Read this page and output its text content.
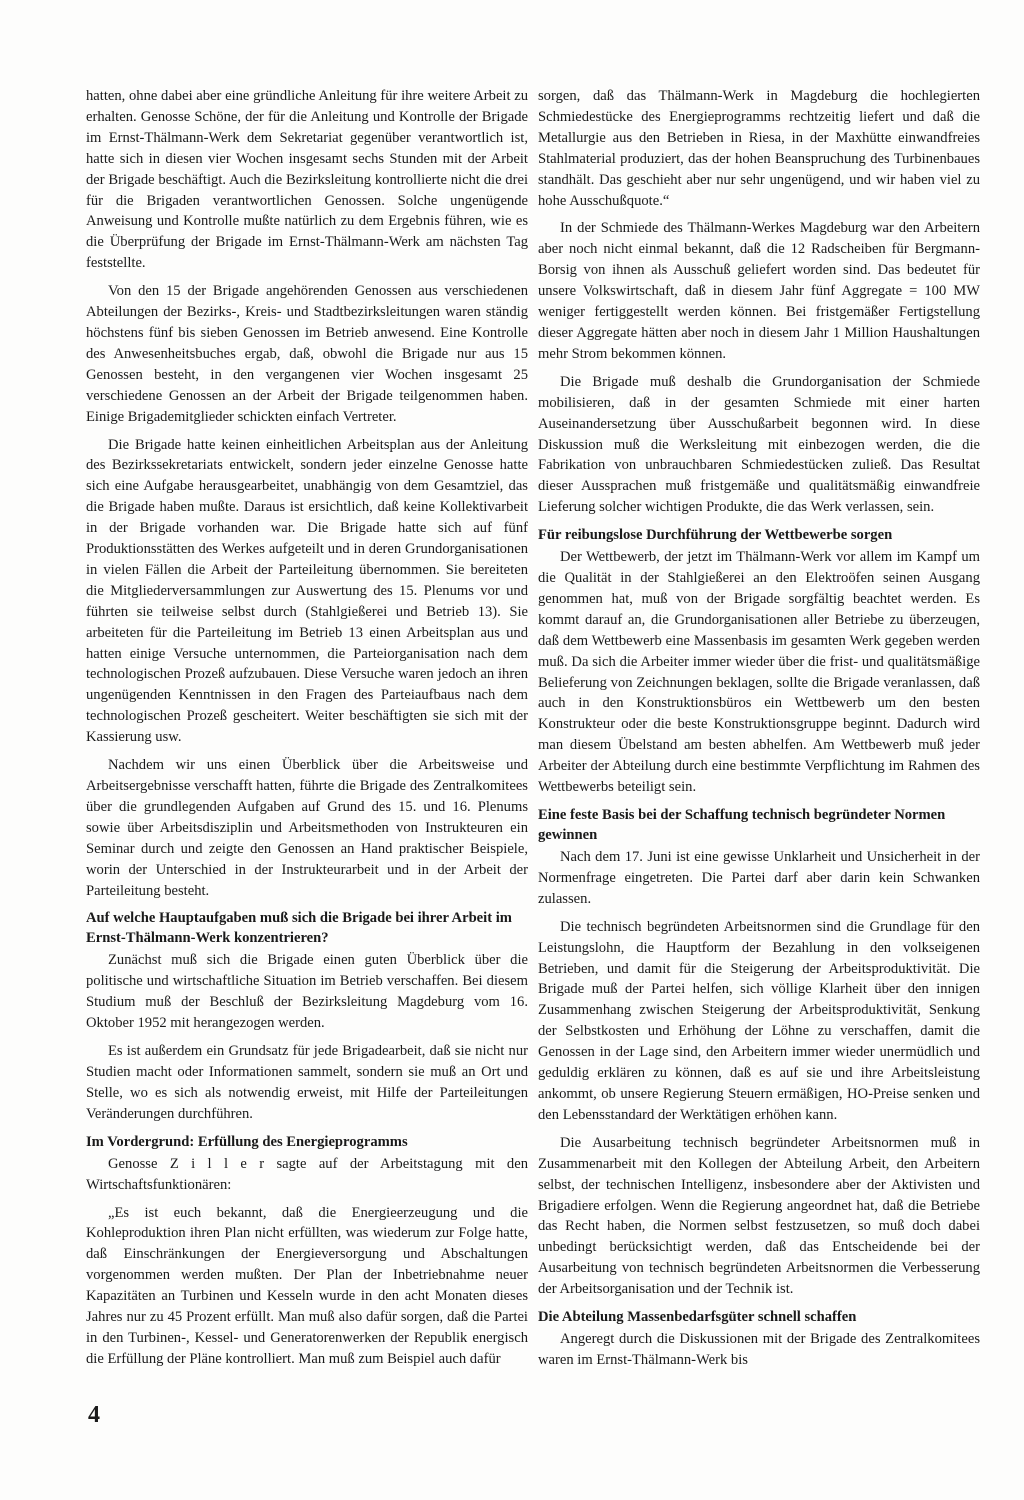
hatten, ohne dabei aber eine gründliche Anleitung für ihre weitere Arbeit zu erhalten. Genosse Schöne, der für die Anleitung und Kontrolle der Brigade im Ernst-Thälmann-Werk dem Sekretariat gegenüber verantwortlich ist, hatte sich in diesen vier Wochen insgesamt sechs Stunden mit der Arbeit der Brigade beschäftigt. Auch die Bezirksleitung kontrollierte nicht die drei für die Brigaden verantwortlichen Genossen. Solche ungenügende Anweisung und Kontrolle mußte natürlich zu dem Ergebnis führen, wie es die Überprüfung der Brigade im Ernst-Thälmann-Werk am nächsten Tag feststellte.

Von den 15 der Brigade angehörenden Genossen aus verschiedenen Abteilungen der Bezirks-, Kreis- und Stadtbezirksleitungen waren ständig höchstens fünf bis sieben Genossen im Betrieb anwesend. Eine Kontrolle des Anwesenheitsbuches ergab, daß, obwohl die Brigade nur aus 15 Genossen besteht, in den vergangenen vier Wochen insgesamt 25 verschiedene Genossen an der Arbeit der Brigade teilgenommen haben. Einige Brigademitglieder schickten einfach Vertreter.

Die Brigade hatte keinen einheitlichen Arbeitsplan aus der Anleitung des Bezirkssekretariats entwickelt, sondern jeder einzelne Genosse hatte sich eine Aufgabe herausgearbeitet, unabhängig von dem Gesamtziel, das die Brigade haben mußte. Daraus ist ersichtlich, daß keine Kollektivarbeit in der Brigade vorhanden war. Die Brigade hatte sich auf fünf Produktionsstätten des Werkes aufgeteilt und in deren Grundorganisationen in vielen Fällen die Arbeit der Parteileitung übernommen. Sie bereiteten die Mitgliederversammlungen zur Auswertung des 15. Plenums vor und führten sie teilweise selbst durch (Stahlgießerei und Betrieb 13). Sie arbeiteten für die Parteileitung im Betrieb 13 einen Arbeitsplan aus und hatten einige Versuche unternommen, die Parteiorganisation nach dem technologischen Prozeß aufzubauen. Diese Versuche waren jedoch an ihren ungenügenden Kenntnissen in den Fragen des Parteiaufbaus nach dem technologischen Prozeß gescheitert. Weiter beschäftigten sie sich mit der Kassierung usw.

Nachdem wir uns einen Überblick über die Arbeitsweise und Arbeitsergebnisse verschafft hatten, führte die Brigade des Zentralkomitees über die grundlegenden Aufgaben auf Grund des 15. und 16. Plenums sowie über Arbeitsdisziplin und Arbeitsmethoden von Instrukteuren ein Seminar durch und zeigte den Genossen an Hand praktischer Beispiele, worin der Unterschied in der Instrukteurarbeit und in der Arbeit der Parteileitung besteht.

Auf welche Hauptaufgaben muß sich die Brigade bei ihrer Arbeit im Ernst-Thälmann-Werk konzentrieren?

Zunächst muß sich die Brigade einen guten Überblick über die politische und wirtschaftliche Situation im Betrieb verschaffen. Bei diesem Studium muß der Beschluß der Bezirksleitung Magdeburg vom 16. Oktober 1952 mit herangezogen werden.

Es ist außerdem ein Grundsatz für jede Brigadearbeit, daß sie nicht nur Studien macht oder Informationen sammelt, sondern sie muß an Ort und Stelle, wo es sich als notwendig erweist, mit Hilfe der Parteileitungen Veränderungen durchführen.

Im Vordergrund: Erfüllung des Energieprogramms

Genosse Z i l l e r sagte auf der Arbeitstagung mit den Wirtschaftsfunktionären:

„Es ist euch bekannt, daß die Energieerzeugung und die Kohleproduktion ihren Plan nicht erfüllten, was wiederum zur Folge hatte, daß Einschränkungen der Energieversorgung und Abschaltungen vorgenommen werden mußten. Der Plan der Inbetriebnahme neuer Kapazitäten an Turbinen und Kesseln wurde in den acht Monaten dieses Jahres nur zu 45 Prozent erfüllt. Man muß also dafür sorgen, daß die Partei in den Turbinen-, Kessel- und Generatorenwerken der Republik energisch die Erfüllung der Pläne kontrolliert. Man muß zum Beispiel auch dafür

sorgen, daß das Thälmann-Werk in Magdeburg die hochlegierten Schmiedestücke des Energieprogramms rechtzeitig liefert und daß die Metallurgie aus den Betrieben in Riesa, in der Maxhütte einwandfreies Stahlmaterial produziert, das der hohen Beanspruchung des Turbinenbaues standhält. Das geschieht aber nur sehr ungenügend, und wir haben viel zu hohe Ausschußquote.“

In der Schmiede des Thälmann-Werkes Magdeburg war den Arbeitern aber noch nicht einmal bekannt, daß die 12 Radscheiben für Bergmann-Borsig von ihnen als Ausschuß geliefert worden sind. Das bedeutet für unsere Volkswirtschaft, daß in diesem Jahr fünf Aggregate = 100 MW weniger fertiggestellt werden können. Bei fristgemäßer Fertigstellung dieser Aggregate hätten aber noch in diesem Jahr 1 Million Haushaltungen mehr Strom bekommen können.

Die Brigade muß deshalb die Grundorganisation der Schmiede mobilisieren, daß in der gesamten Schmiede mit einer harten Auseinandersetzung über Ausschußarbeit begonnen wird. In diese Diskussion muß die Werksleitung mit einbezogen werden, die die Fabrikation von unbrauchbaren Schmiedestücken zuließ. Das Resultat dieser Aussprachen muß fristgemäße und qualitätsmäßig einwandfreie Lieferung solcher wichtigen Produkte, die das Werk verlassen, sein.

Für reibungslose Durchführung der Wettbewerbe sorgen

Der Wettbewerb, der jetzt im Thälmann-Werk vor allem im Kampf um die Qualität in der Stahlgießerei an den Elektroöfen seinen Ausgang genommen hat, muß von der Brigade sorgfältig beachtet werden. Es kommt darauf an, die Grundorganisationen aller Betriebe zu überzeugen, daß dem Wettbewerb eine Massenbasis im gesamten Werk gegeben werden muß. Da sich die Arbeiter immer wieder über die frist- und qualitätsmäßige Belieferung von Zeichnungen beklagen, sollte die Brigade veranlassen, daß auch in den Konstruktionsbüros ein Wettbewerb um den besten Konstrukteur oder die beste Konstruktionsgruppe beginnt. Dadurch wird man diesem Übelstand am besten abhelfen. Am Wettbewerb muß jeder Arbeiter der Abteilung durch eine bestimmte Verpflichtung im Rahmen des Wettbewerbs beteiligt sein.

Eine feste Basis bei der Schaffung technisch begründeter Normen gewinnen

Nach dem 17. Juni ist eine gewisse Unklarheit und Unsicherheit in der Normenfrage eingetreten. Die Partei darf aber darin kein Schwanken zulassen.

Die technisch begründeten Arbeitsnormen sind die Grundlage für den Leistungslohn, die Hauptform der Bezahlung in den volkseigenen Betrieben, und damit für die Steigerung der Arbeitsproduktivität. Die Brigade muß der Partei helfen, sich völlige Klarheit über den innigen Zusammenhang zwischen Steigerung der Arbeitsproduktivität, Senkung der Selbstkosten und Erhöhung der Löhne zu verschaffen, damit die Genossen in der Lage sind, den Arbeitern immer wieder unermüdlich und geduldig erklären zu können, daß es auf sie und ihre Arbeitsleistung ankommt, ob unsere Regierung Steuern ermäßigen, HO-Preise senken und den Lebensstandard der Werktätigen erhöhen kann.

Die Ausarbeitung technisch begründeter Arbeitsnormen muß in Zusammenarbeit mit den Kollegen der Abteilung Arbeit, den Arbeitern selbst, der technischen Intelligenz, insbesondere aber der Aktivisten und Brigadiere erfolgen. Wenn die Regierung angeordnet hat, daß die Betriebe das Recht haben, die Normen selbst festzusetzen, so muß doch dabei unbedingt berücksichtigt werden, daß das Entscheidende bei der Ausarbeitung von technisch begründeten Arbeitsnormen die Verbesserung der Arbeitsorganisation und der Technik ist.

Die Abteilung Massenbedarfsgüter schnell schaffen

Angeregt durch die Diskussionen mit der Brigade des Zentralkomitees waren im Ernst-Thälmann-Werk bis

4
